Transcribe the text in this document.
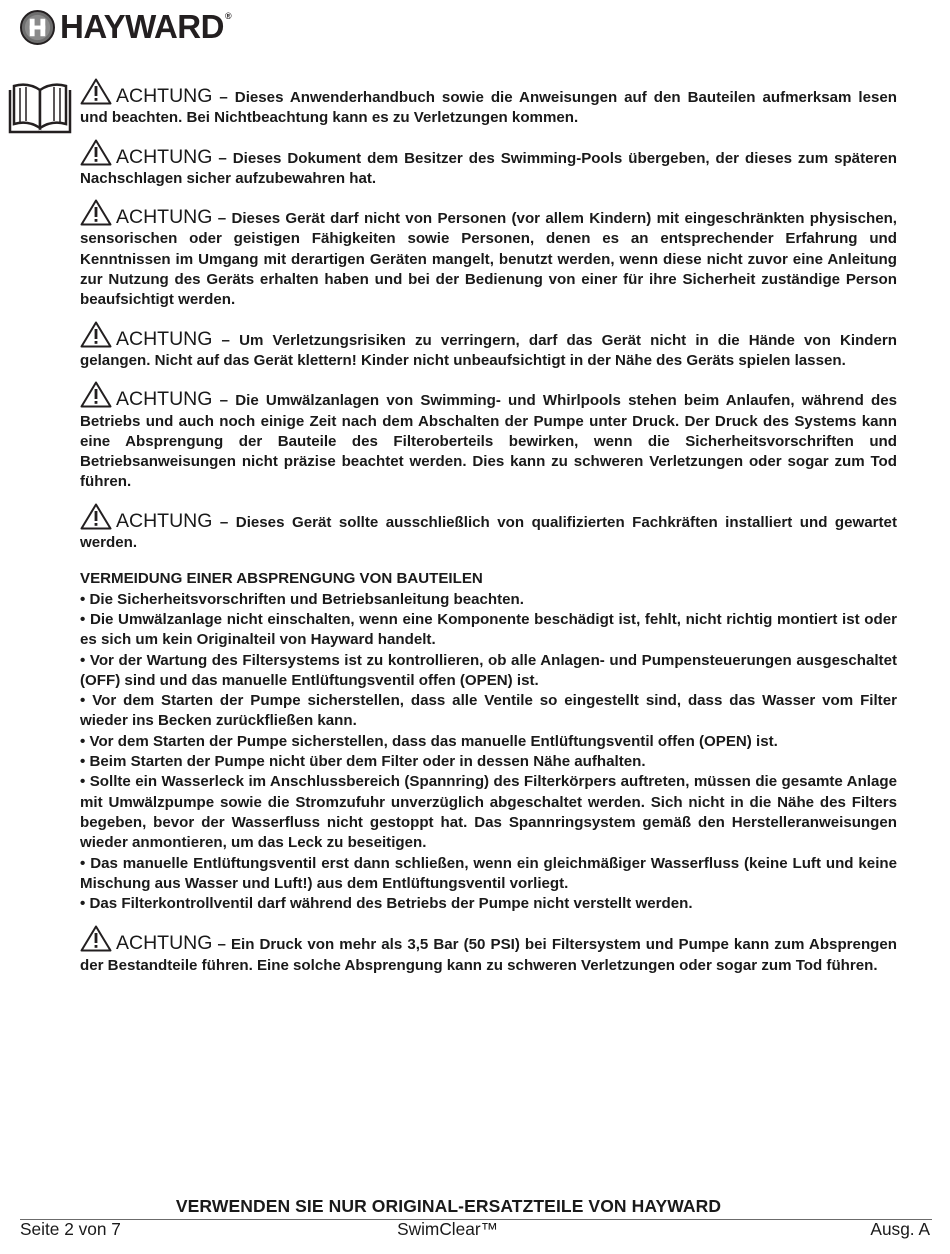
HAYWARD®
ACHTUNG – Dieses Anwenderhandbuch sowie die Anweisungen auf den Bauteilen aufmerksam lesen und beachten. Bei Nichtbeachtung kann es zu Verletzungen kommen.
ACHTUNG – Dieses Dokument dem Besitzer des Swimming-Pools übergeben, der dieses zum späteren Nachschlagen sicher aufzubewahren hat.
ACHTUNG – Dieses Gerät darf nicht von Personen (vor allem Kindern) mit eingeschränkten physischen, sensorischen oder geistigen Fähigkeiten sowie Personen, denen es an entsprechender Erfahrung und Kenntnissen im Umgang mit derartigen Geräten mangelt, benutzt werden, wenn diese nicht zuvor eine Anleitung zur Nutzung des Geräts erhalten haben und bei der Bedienung von einer für ihre Sicherheit zuständige Person beaufsichtigt werden.
ACHTUNG – Um Verletzungsrisiken zu verringern, darf das Gerät nicht in die Hände von Kindern gelangen. Nicht auf das Gerät klettern! Kinder nicht unbeaufsichtigt in der Nähe des Geräts spielen lassen.
ACHTUNG – Die Umwälzanlagen von Swimming- und Whirlpools stehen beim Anlaufen, während des Betriebs und auch noch einige Zeit nach dem Abschalten der Pumpe unter Druck. Der Druck des Systems kann eine Absprengung der Bauteile des Filteroberteils bewirken, wenn die Sicherheitsvorschriften und Betriebsanweisungen nicht präzise beachtet werden. Dies kann zu schweren Verletzungen oder sogar zum Tod führen.
ACHTUNG – Dieses Gerät sollte ausschließlich von qualifizierten Fachkräften installiert und gewartet werden.
VERMEIDUNG EINER ABSPRENGUNG VON BAUTEILEN
• Die Sicherheitsvorschriften und Betriebsanleitung beachten.
• Die Umwälzanlage nicht einschalten, wenn eine Komponente beschädigt ist, fehlt, nicht richtig montiert ist oder es sich um kein Originalteil von Hayward handelt.
• Vor der Wartung des Filtersystems ist zu kontrollieren, ob alle Anlagen- und Pumpensteuerungen ausgeschaltet (OFF) sind und das manuelle Entlüftungsventil offen (OPEN) ist.
• Vor dem Starten der Pumpe sicherstellen, dass alle Ventile so eingestellt sind, dass das Wasser vom Filter wieder ins Becken zurückfließen kann.
• Vor dem Starten der Pumpe sicherstellen, dass das manuelle Entlüftungsventil offen (OPEN) ist.
• Beim Starten der Pumpe nicht über dem Filter oder in dessen Nähe aufhalten.
• Sollte ein Wasserleck im Anschlussbereich (Spannring) des Filterkörpers auftreten, müssen die gesamte Anlage mit Umwälzpumpe sowie die Stromzufuhr unverzüglich abgeschaltet werden. Sich nicht in die Nähe des Filters begeben, bevor der Wasserfluss nicht gestoppt hat. Das Spannringsystem gemäß den Herstelleranweisungen wieder anmontieren, um das Leck zu beseitigen.
• Das manuelle Entlüftungsventil erst dann schließen, wenn ein gleichmäßiger Wasserfluss (keine Luft und keine Mischung aus Wasser und Luft!) aus dem Entlüftungsventil vorliegt.
• Das Filterkontrollventil darf während des Betriebs der Pumpe nicht verstellt werden.
ACHTUNG – Ein Druck von mehr als 3,5 Bar (50 PSI) bei Filtersystem und Pumpe kann zum Absprengen der Bestandteile führen. Eine solche Absprengung kann zu schweren Verletzungen oder sogar zum Tod führen.
VERWENDEN SIE NUR ORIGINAL-ERSATZTEILE VON HAYWARD
Seite 2 von 7	SwimClear™	Ausg. A
